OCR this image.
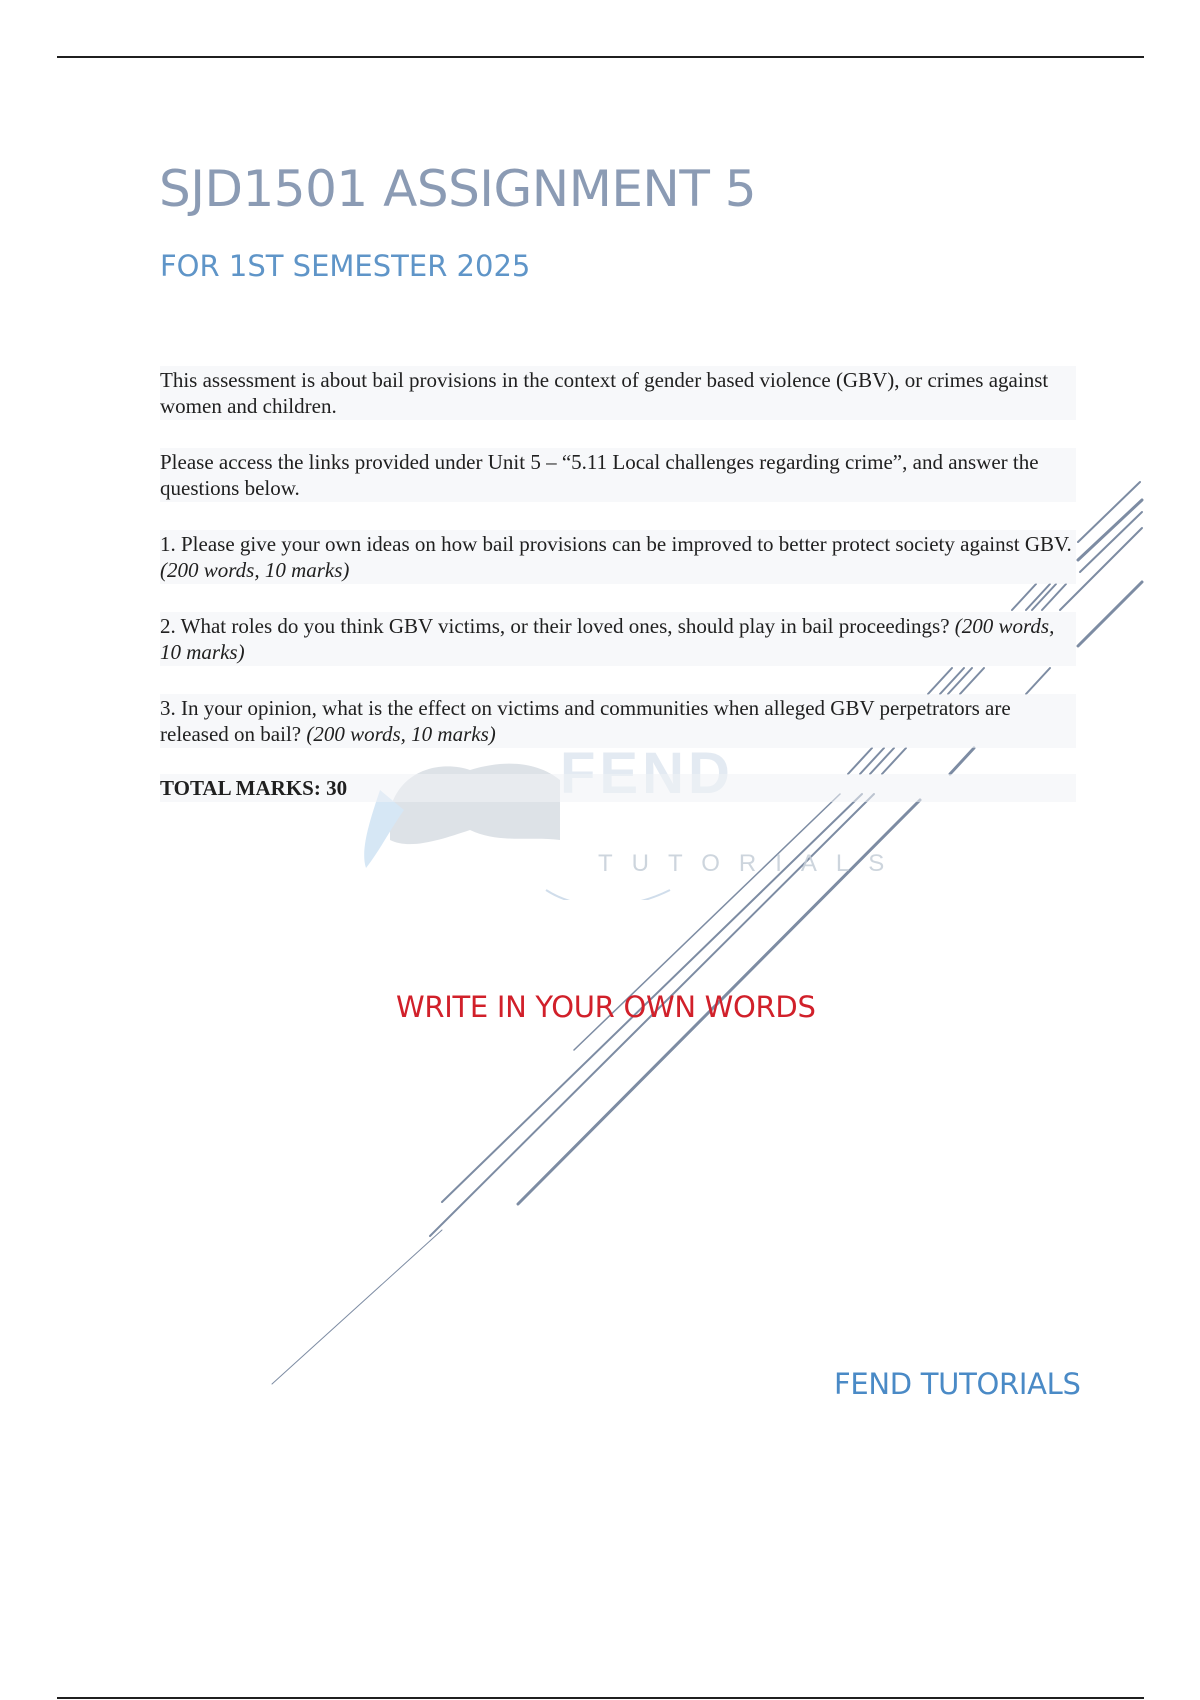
TUTORIALS
SJD1501 ASSIGNMENT 5
FOR 1ST SEMESTER 2025

This assessment is about bail provisions in the context of gender based violence (GBV), or crimes against women and children.

Please access the links provided under Unit 5 – “5.11 Local challenges regarding crime”, and answer the questions below.

1. Please give your own ideas on how bail provisions can be improved to better protect society against GBV. (200 words, 10 marks)

2. What roles do you think GBV victims, or their loved ones, should play in bail proceedings? (200 words, 10 marks)

3. In your opinion, what is the effect on victims and communities when alleged GBV perpetrators are released on bail? (200 words, 10 marks)

TOTAL MARKS: 30

WRITE IN YOUR OWN WORDS

FEND TUTORIALS
